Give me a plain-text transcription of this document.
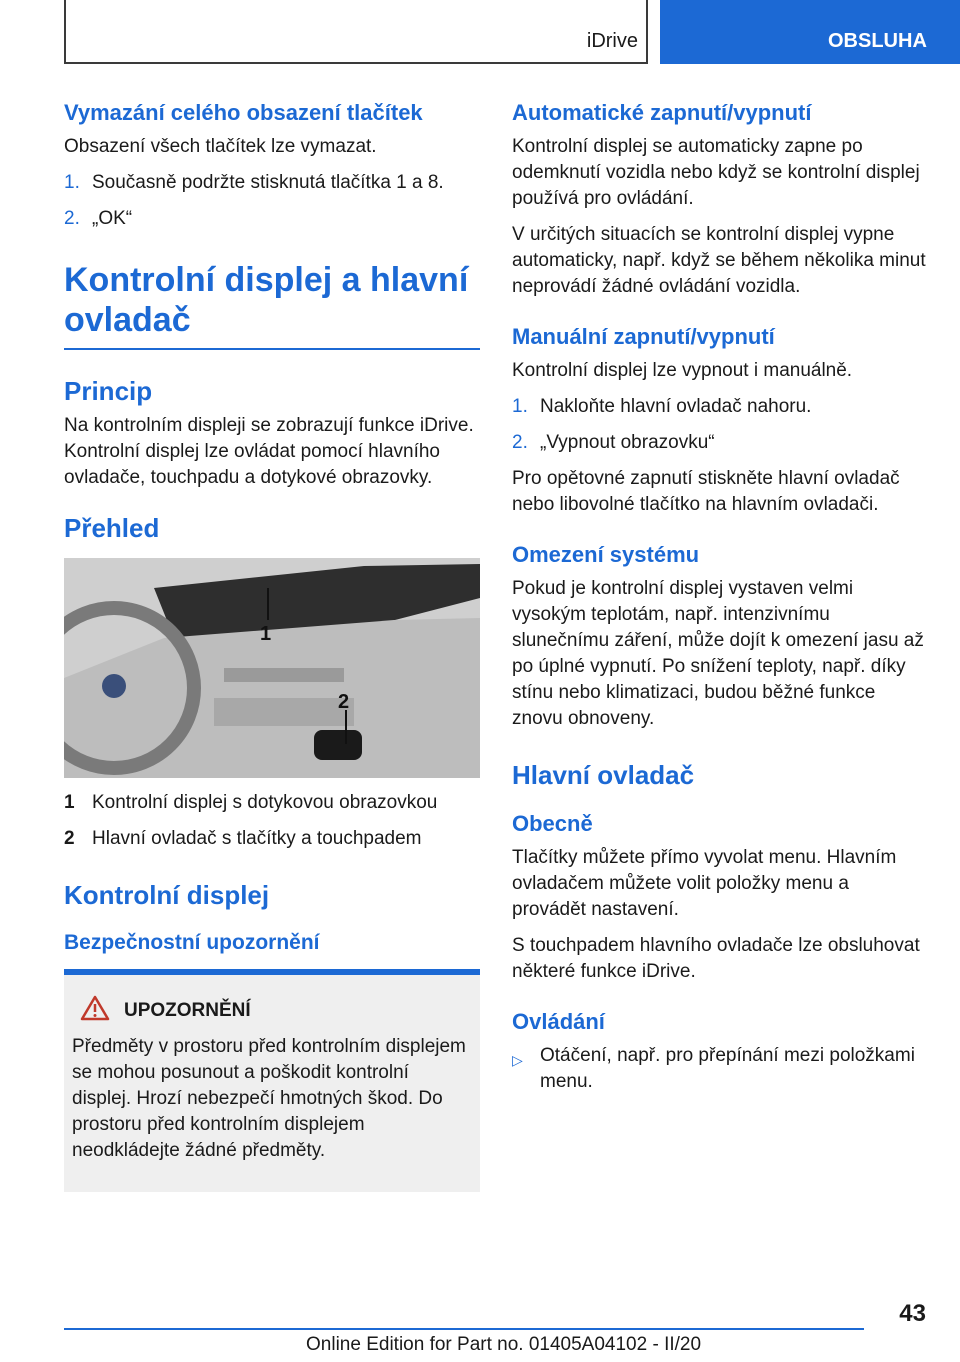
iDrive	OBSLUHA
Vymazání celého obsazení tlačítek

Obsazení všech tlačítek lze vymazat.

1. Současně podržte stisknutá tlačítka 1 a 8.
2. „OK“
Kontrolní displej a hlavní
ovladač
Princip

Na kontrolním displeji se zobrazují funkce iDrive. Kontrolní displej lze ovládat pomocí hlavního ovladače, touchpadu a dotykové obrazovky.

Přehled
1
2
1 Kontrolní displej s dotykovou obrazovkou
2 Hlavní ovladač s tlačítky a touchpadem
Kontrolní displej
Bezpečnostní upozornění
UPOZORNĚNÍ

Předměty v prostoru před kontrolním displejem se mohou posunout a poškodit kontrolní displej. Hrozí nebezpečí hmotných škod. Do prostoru před kontrolním displejem neodkládejte žádné předměty.

Automatické zapnutí/vypnutí

Kontrolní displej se automaticky zapne po odemknutí vozidla nebo když se kontrolní displej používá pro ovládání.

V určitých situacích se kontrolní displej vypne automaticky, např. když se během několika minut neprovádí žádné ovládání vozidla.

Manuální zapnutí/vypnutí

Kontrolní displej lze vypnout i manuálně.

1. Nakloňte hlavní ovladač nahoru.
2. „Vypnout obrazovku“

Pro opětovné zapnutí stiskněte hlavní ovladač nebo libovolné tlačítko na hlavním ovladači.

Omezení systému

Pokud je kontrolní displej vystaven velmi vysokým teplotám, např. intenzivnímu slunečnímu záření, může dojít k omezení jasu až po úplné vypnutí. Po snížení teploty, např. díky stínu nebo klimatizaci, budou běžné funkce znovu obnoveny.

Hlavní ovladač
Obecně

Tlačítky můžete přímo vyvolat menu. Hlavním ovladačem můžete volit položky menu a provádět nastavení.

S touchpadem hlavního ovladače lze obsluhovat některé funkce iDrive.

Ovládání
▷ Otáčení, např. pro přepínání mezi položkami menu.
43
Online Edition for Part no. 01405A04102 - II/20
